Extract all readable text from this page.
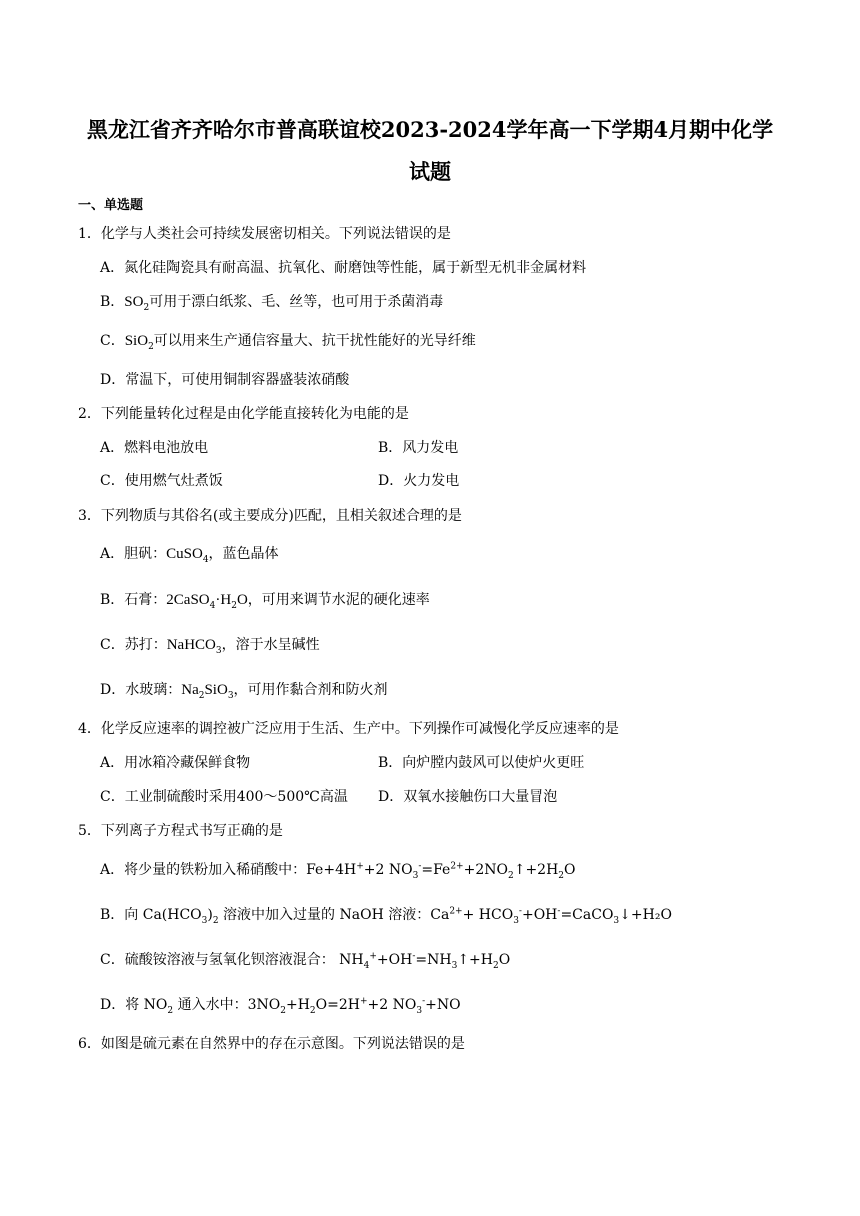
黑龙江省齐齐哈尔市普高联谊校2023-2024学年高一下学期4月期中化学
试题
一、单选题
1．化学与人类社会可持续发展密切相关。下列说法错误的是
A．氮化硅陶瓷具有耐高温、抗氧化、耐磨蚀等性能，属于新型无机非金属材料
B．$SO_2$可用于漂白纸浆、毛、丝等，也可用于杀菌消毒
C．SiO$_2$可以用来生产通信容量大、抗干扰性能好的光导纤维
D．常温下，可使用铜制容器盛装浓硝酸
2．下列能量转化过程是由化学能直接转化为电能的是
A．燃料电池放电	B．风力发电
C．使用燃气灶煮饭	D．火力发电
3．下列物质与其俗名(或主要成分)匹配，且相关叙述合理的是
A．胆矾：CuSO$_4$，蓝色晶体
B．石膏：$2CaSO_4\cdot H_2O$，可用来调节水泥的硬化速率
C．苏打：NaHCO$_3$，溶于水呈碱性
D．水玻璃：$Na_2SiO_3$，可用作黏合剂和防火剂
4．化学反应速率的调控被广泛应用于生活、生产中。下列操作可减慢化学反应速率的是
A．用冰箱冷藏保鲜食物	B．向炉膛内鼓风可以使炉火更旺
C．工业制硫酸时采用400～500℃高温 D．双氧水接触伤口大量冒泡
5．下列离子方程式书写正确的是
A．将少量的铁粉加入稀硝酸中：Fe+4H++2 $NO_3^-=Fe^{2+}+2NO_2↑+2H_2O$
B．向 $Ca(HCO_3)_2$ 溶液中加入过量的 NaOH 溶液：$Ca^{2+}+$ $HCO_3^-+OH^-=CaCO_3↓+H_2O$
C．硫酸铵溶液与氢氧化钡溶液混合： $NH_4^++OH^-=NH_3↑+H_2O$
D．将 $NO_2$ 通入水中：$3NO_2+H_2O=2H^++2$ $NO_3^-+NO$
6．如图是硫元素在自然界中的存在示意图。下列说法错误的是
